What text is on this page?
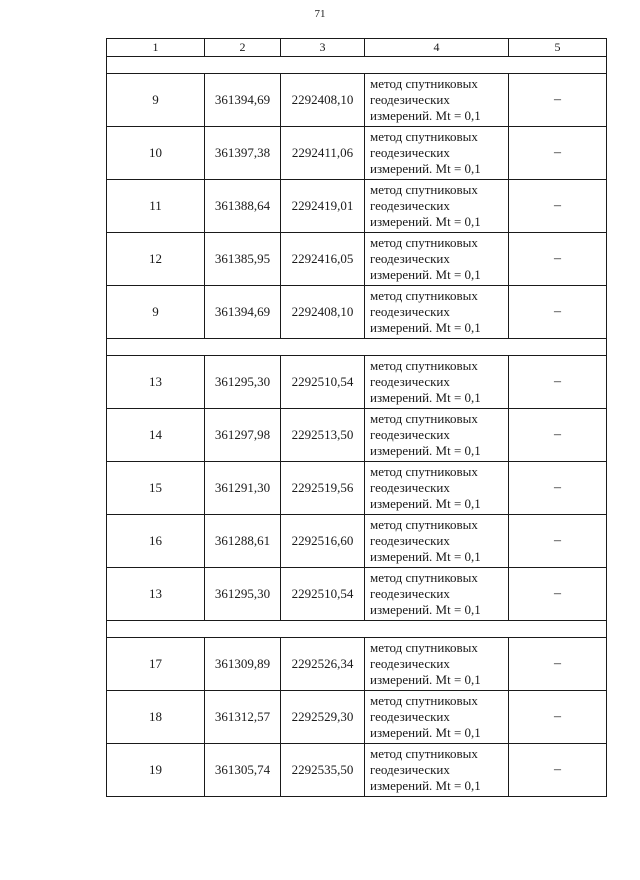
71
1	2	3	4	5

9	361394,69	2292408,10	метод спутниковых
геодезических
измерений. Mt = 0,1	–
10	361397,38	2292411,06	метод спутниковых
геодезических
измерений. Mt = 0,1	–
11	361388,64	2292419,01	метод спутниковых
геодезических
измерений. Mt = 0,1	–
12	361385,95	2292416,05	метод спутниковых
геодезических
измерений. Mt = 0,1	–
9	361394,69	2292408,10	метод спутниковых
геодезических
измерений. Mt = 0,1	–

13	361295,30	2292510,54	метод спутниковых
геодезических
измерений. Mt = 0,1	–
14	361297,98	2292513,50	метод спутниковых
геодезических
измерений. Mt = 0,1	–
15	361291,30	2292519,56	метод спутниковых
геодезических
измерений. Mt = 0,1	–
16	361288,61	2292516,60	метод спутниковых
геодезических
измерений. Mt = 0,1	–
13	361295,30	2292510,54	метод спутниковых
геодезических
измерений. Mt = 0,1	–

17	361309,89	2292526,34	метод спутниковых
геодезических
измерений. Mt = 0,1	–
18	361312,57	2292529,30	метод спутниковых
геодезических
измерений. Mt = 0,1	–
19	361305,74	2292535,50	метод спутниковых
геодезических
измерений. Mt = 0,1	–
